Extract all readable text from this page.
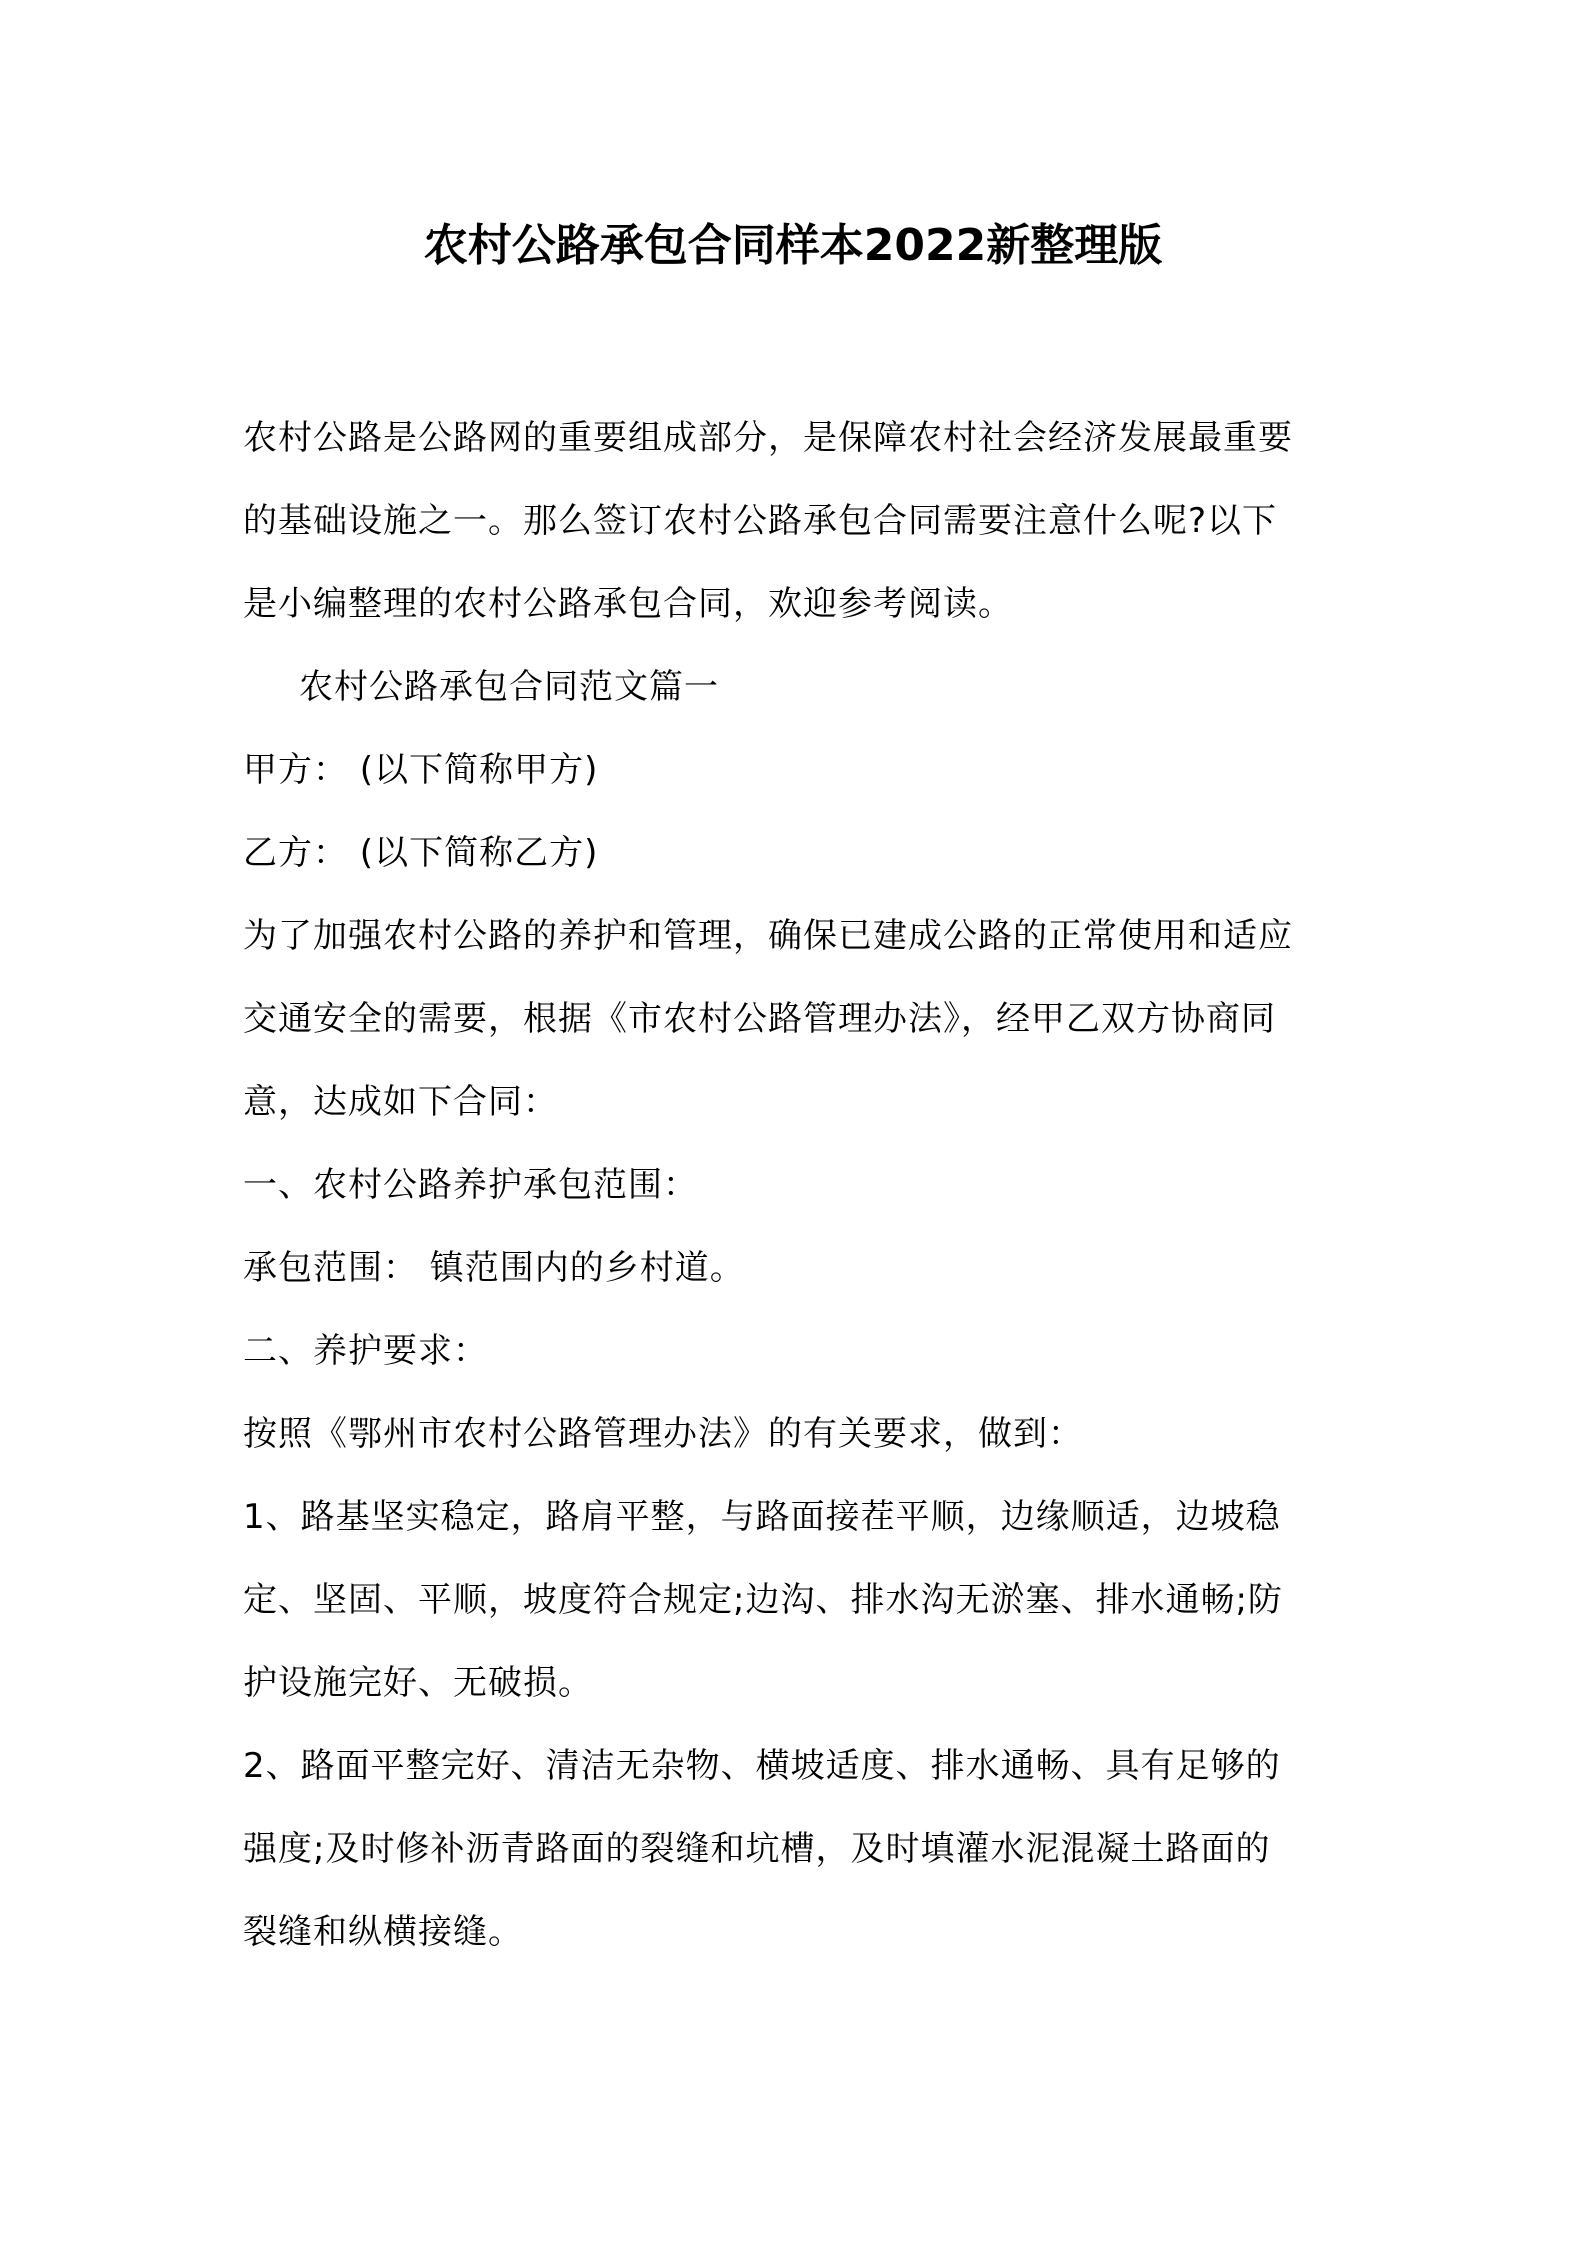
农村公路承包合同样本2022新整理版
农村公路是公路网的重要组成部分，是保障农村社会经济发展最重要
的基础设施之一。那么签订农村公路承包合同需要注意什么呢?以下
是小编整理的农村公路承包合同，欢迎参考阅读。
农村公路承包合同范文篇一
甲方： (以下简称甲方)
乙方： (以下简称乙方)
为了加强农村公路的养护和管理，确保已建成公路的正常使用和适应
交通安全的需要，根据《市农村公路管理办法》，经甲乙双方协商同
意，达成如下合同：
一、农村公路养护承包范围：
承包范围： 镇范围内的乡村道。
二、养护要求：
按照《鄂州市农村公路管理办法》的有关要求，做到：
1、路基坚实稳定，路肩平整，与路面接茬平顺，边缘顺适，边坡稳
定、坚固、平顺，坡度符合规定;边沟、排水沟无淤塞、排水通畅;防
护设施完好、无破损。
2、路面平整完好、清洁无杂物、横坡适度、排水通畅、具有足够的
强度;及时修补沥青路面的裂缝和坑槽，及时填灌水泥混凝土路面的
裂缝和纵横接缝。
